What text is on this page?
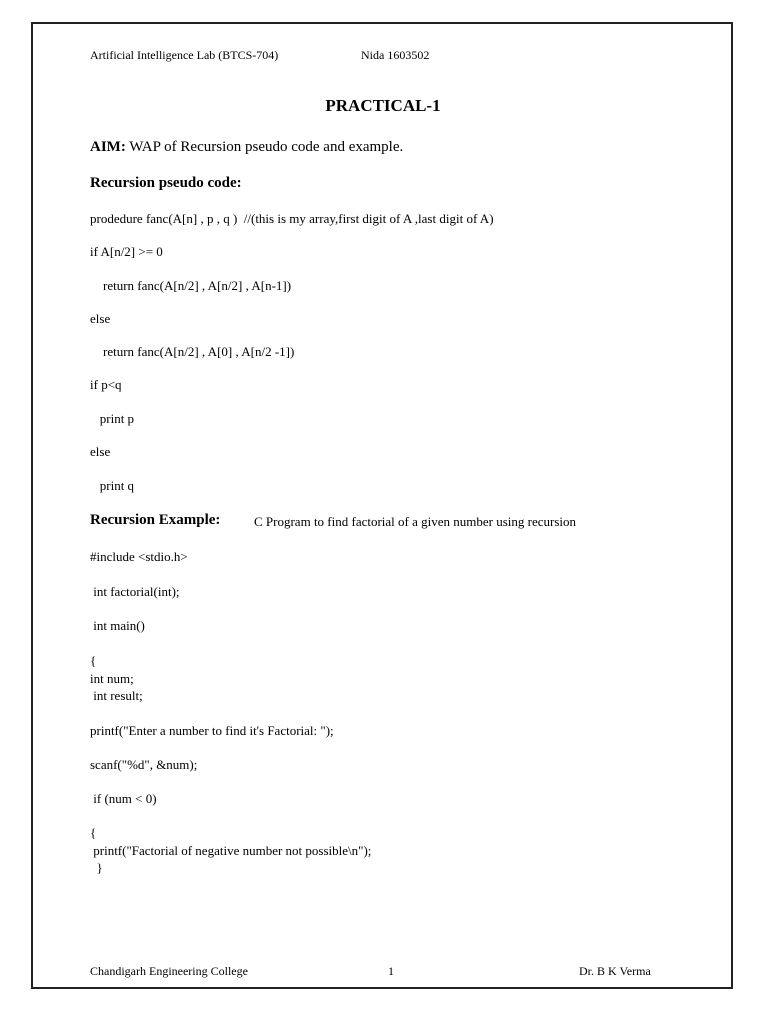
Artificial Intelligence Lab (BTCS-704)	Nida 1603502
PRACTICAL-1
AIM: WAP of Recursion pseudo code and example.
Recursion pseudo code:
prodedure fanc(A[n] , p , q )  //(this is my array,first digit of A ,last digit of A)
if A[n/2] >= 0
return fanc(A[n/2] , A[n/2] , A[n-1])
else
return fanc(A[n/2] , A[0] , A[n/2 -1])
if p<q
print p
else
print q
Recursion Example:	C Program to find factorial of a given number using recursion
#include <stdio.h>
int factorial(int);
int main()
{
int num;
int result;
printf("Enter a number to find it's Factorial: ");
scanf("%d", &num);
if (num < 0)
{
printf("Factorial of negative number not possible\n");
}
Chandigarh Engineering College	1	Dr. B K Verma
